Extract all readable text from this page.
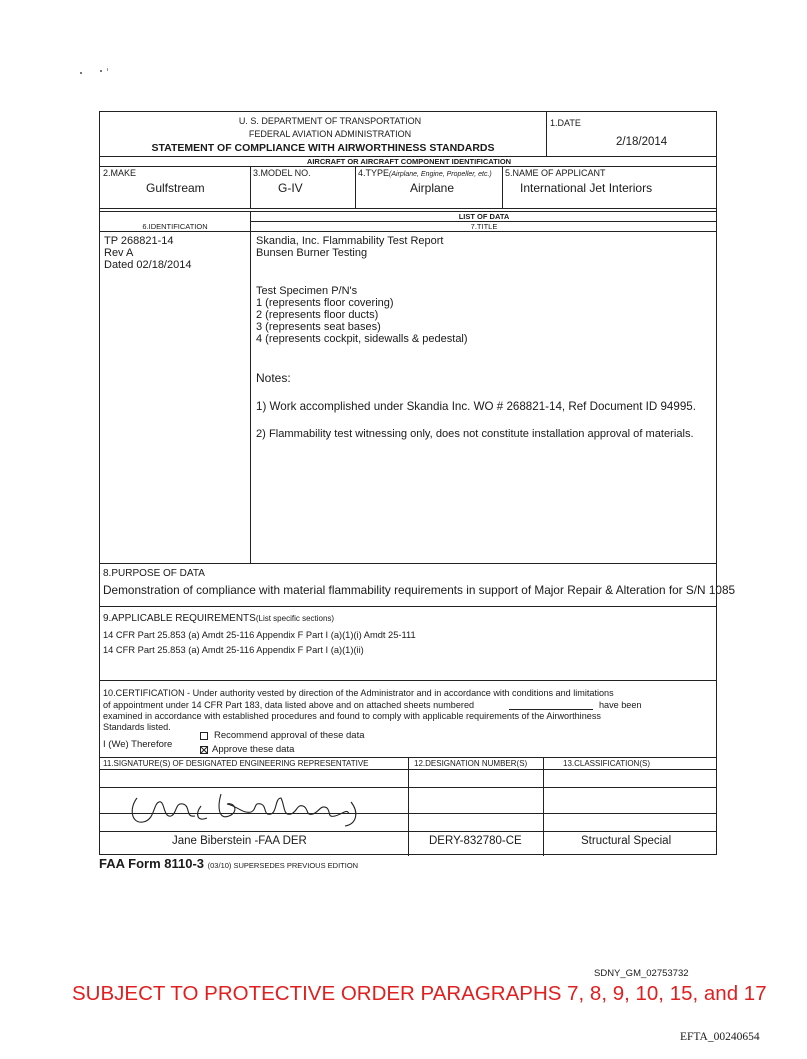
U. S. DEPARTMENT OF TRANSPORTATION
FEDERAL AVIATION ADMINISTRATION
STATEMENT OF COMPLIANCE WITH AIRWORTHINESS STANDARDS
1.DATE
2/18/2014
AIRCRAFT OR AIRCRAFT COMPONENT IDENTIFICATION
2.MAKE
Gulfstream
3.MODEL NO.
G-IV
4.TYPE(Airplane, Engine, Propeller, etc.)
Airplane
5.NAME OF APPLICANT
International Jet Interiors
LIST OF DATA
6.IDENTIFICATION	7.TITLE
TP 268821-14
Rev A
Dated 02/18/2014
Skandia, Inc. Flammability Test Report
Bunsen Burner Testing
Test Specimen P/N's
1 (represents floor covering)
2 (represents floor ducts)
3 (represents seat bases)
4 (represents cockpit, sidewalls & pedestal)
Notes:
1) Work accomplished under Skandia Inc. WO # 268821-14, Ref Document ID 94995.
2) Flammability test witnessing only, does not constitute installation approval of materials.
8.PURPOSE OF DATA
Demonstration of compliance with material flammability requirements in support of Major Repair & Alteration for S/N 1085
9.APPLICABLE REQUIREMENTS(List specific sections)
14 CFR Part 25.853 (a) Amdt 25-116 Appendix F Part I (a)(1)(i) Amdt 25-111
14 CFR Part 25.853 (a) Amdt 25-116 Appendix F Part I (a)(1)(ii)
10.CERTIFICATION - Under authority vested by direction of the Administrator and in accordance with conditions and limitations
of appointment under 14 CFR Part 183, data listed above and on attached sheets numbered	have been
examined in accordance with established procedures and found to comply with applicable requirements of the Airworthiness
Standards listed.
I (We) Therefore
Recommend approval of these data
Approve these data
11.SIGNATURE(S) OF DESIGNATED ENGINEERING REPRESENTATIVE	12.DESIGNATION NUMBER(S)	13.CLASSIFICATION(S)
Jane Biberstein -FAA DER	DERY-832780-CE	Structural Special
FAA Form 8110-3 (03/10) SUPERSEDES PREVIOUS EDITION
SDNY_GM_02753732
SUBJECT TO PROTECTIVE ORDER PARAGRAPHS 7, 8, 9, 10, 15, and 17
EFTA_00240654
